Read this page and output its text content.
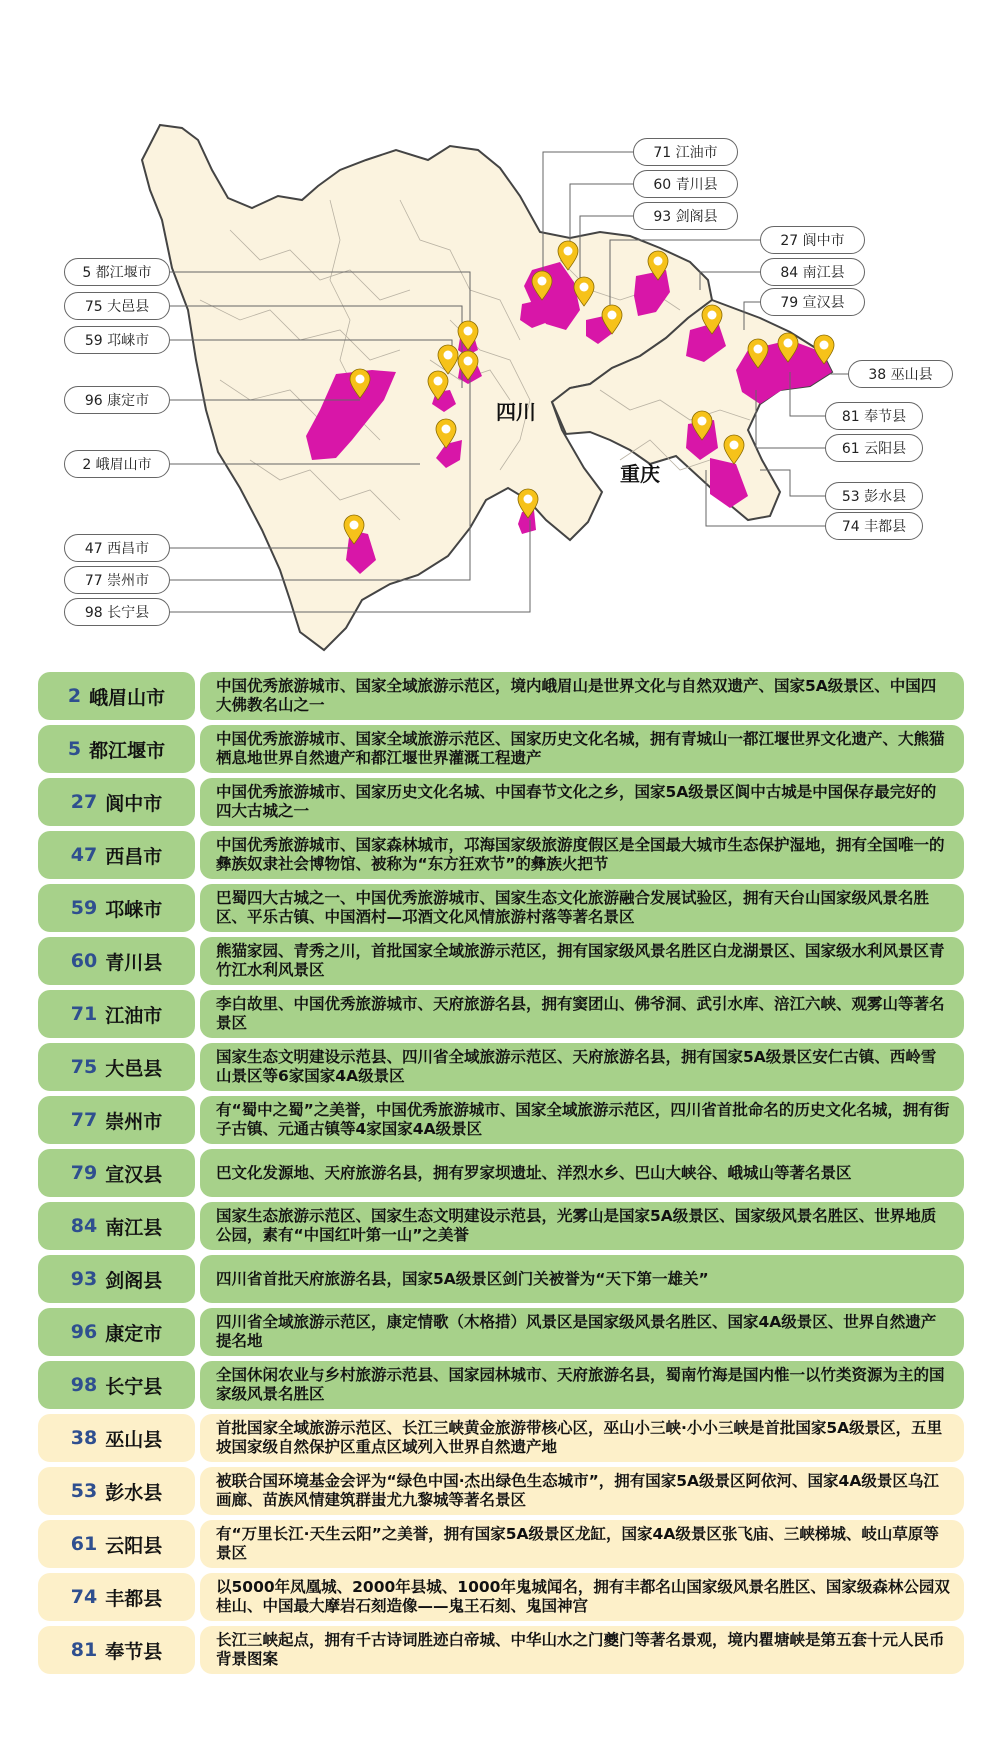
四川
重庆
71 江油市
60 青川县
93 剑阁县
27 阆中市
84 南江县
79 宣汉县
38 巫山县
81 奉节县
61 云阳县
53 彭水县
74 丰都县
5 都江堰市
75 大邑县
59 邛崃市
96 康定市
2 峨眉山市
47 西昌市
77 崇州市
98 长宁县
2 峨眉山市
中国优秀旅游城市、国家全域旅游示范区，境内峨眉山是世界文化与自然双遗产、国家5A级景区、中国四大佛教名山之一
5 都江堰市
中国优秀旅游城市、国家全域旅游示范区、国家历史文化名城，拥有青城山一都江堰世界文化遗产、大熊猫栖息地世界自然遗产和都江堰世界灌溉工程遗产
27 阆中市
中国优秀旅游城市、国家历史文化名城、中国春节文化之乡，国家5A级景区阆中古城是中国保存最完好的四大古城之一
47 西昌市
中国优秀旅游城市、国家森林城市，邛海国家级旅游度假区是全国最大城市生态保护湿地，拥有全国唯一的彝族奴隶社会博物馆、被称为“东方狂欢节”的彝族火把节
59 邛崃市
巴蜀四大古城之一、中国优秀旅游城市、国家生态文化旅游融合发展试验区，拥有天台山国家级风景名胜区、平乐古镇、中国酒村—邛酒文化风情旅游村落等著名景区
60 青川县
熊猫家园、青秀之川，首批国家全域旅游示范区，拥有国家级风景名胜区白龙湖景区、国家级水利风景区青竹江水利风景区
71 江油市
李白故里、中国优秀旅游城市、天府旅游名县，拥有窦团山、佛爷洞、武引水库、涪江六峡、观雾山等著名景区
75 大邑县
国家生态文明建设示范县、四川省全域旅游示范区、天府旅游名县，拥有国家5A级景区安仁古镇、西岭雪山景区等6家国家4A级景区
77 崇州市
有“蜀中之蜀”之美誉，中国优秀旅游城市、国家全域旅游示范区，四川省首批命名的历史文化名城，拥有街子古镇、元通古镇等4家国家4A级景区
79 宣汉县	巴文化发源地、天府旅游名县，拥有罗家坝遗址、洋烈水乡、巴山大峡谷、峨城山等著名景区
84 南江县
国家生态旅游示范区、国家生态文明建设示范县，光雾山是国家5A级景区、国家级风景名胜区、世界地质公园，素有“中国红叶第一山”之美誉
93 剑阁县	四川省首批天府旅游名县，国家5A级景区剑门关被誉为“天下第一雄关”
96 康定市
四川省全域旅游示范区，康定情歌（木格措）风景区是国家级风景名胜区、国家4A级景区、世界自然遗产提名地
98 长宁县
全国休闲农业与乡村旅游示范县、国家园林城市、天府旅游名县，蜀南竹海是国内惟一以竹类资源为主的国家级风景名胜区
38 巫山县
首批国家全域旅游示范区、长江三峡黄金旅游带核心区，巫山小三峡·小小三峡是首批国家5A级景区，五里坡国家级自然保护区重点区域列入世界自然遗产地
53 彭水县
被联合国环境基金会评为“绿色中国·杰出绿色生态城市”，拥有国家5A级景区阿依河、国家4A级景区乌江画廊、苗族风情建筑群蚩尤九黎城等著名景区
61 云阳县
有“万里长江·天生云阳”之美誉，拥有国家5A级景区龙缸，国家4A级景区张飞庙、三峡梯城、岐山草原等景区
74 丰都县
以5000年凤凰城、2000年县城、1000年鬼城闻名，拥有丰都名山国家级风景名胜区、国家级森林公园双桂山、中国最大摩岩石刻造像——鬼王石刻、鬼国神宫
81 奉节县
长江三峡起点，拥有千古诗词胜迹白帝城、中华山水之门夔门等著名景观，境内瞿塘峡是第五套十元人民币背景图案
